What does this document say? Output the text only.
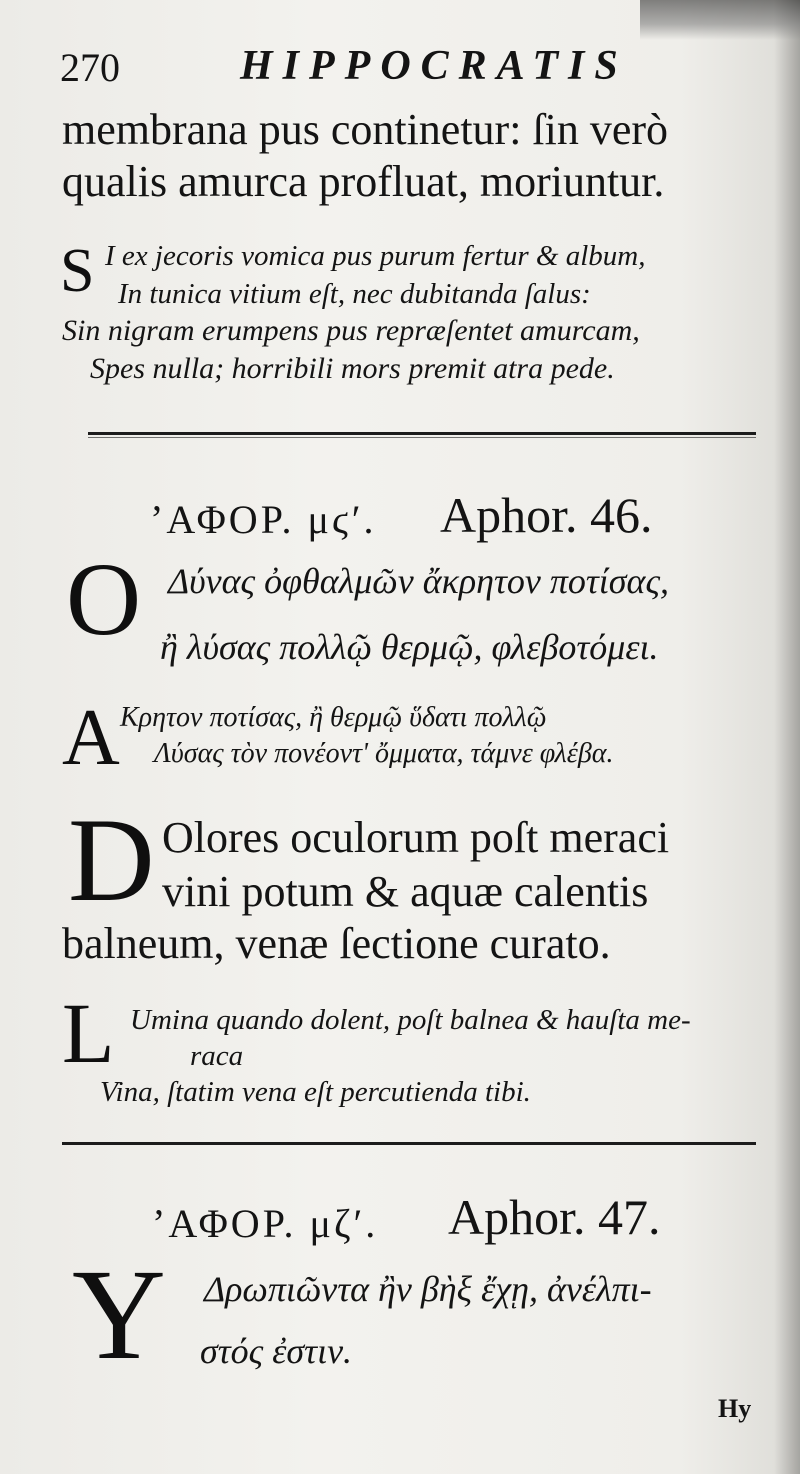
270	HIPPOCRATIS
membrana pus continetur: ſin verò
qualis amurca profluat, moriuntur.
S I ex jecoris vomica pus purum fertur & album,
In tunica vitium eſt, nec dubitanda ſalus:
Sin nigram erumpens pus repræſentet amurcam,
Spes nulla; horribili mors premit atra pede.
ʼΑΦΟΡ. μϛʹ. Aphor. 46.
O Δύνας ὀφθαλμῶν ἄκρητον ποτίσας,
ἢ λύσας πολλῷ θερμῷ, φλεβοτόμει.
A Κρητον ποτίσας, ἢ θερμῷ ὕδατι πολλῷ
Λύσας τὸν πονέοντ' ὄμματα, τάμνε φλέβα.
D Olores oculorum poſt meraci
vini potum & aquæ calentis
balneum, venæ ſectione curato.
L Umina quando dolent, poſt balnea & hauſta me-
raca
Vina, ſtatim vena eſt percutienda tibi.
ʼΑΦΟΡ. μζʹ. Aphor. 47.
Υ Δρωπιῶντα ἢν βὴξ ἔχῃ, ἀνέλπι-
στός ἐστιν.
Hy
